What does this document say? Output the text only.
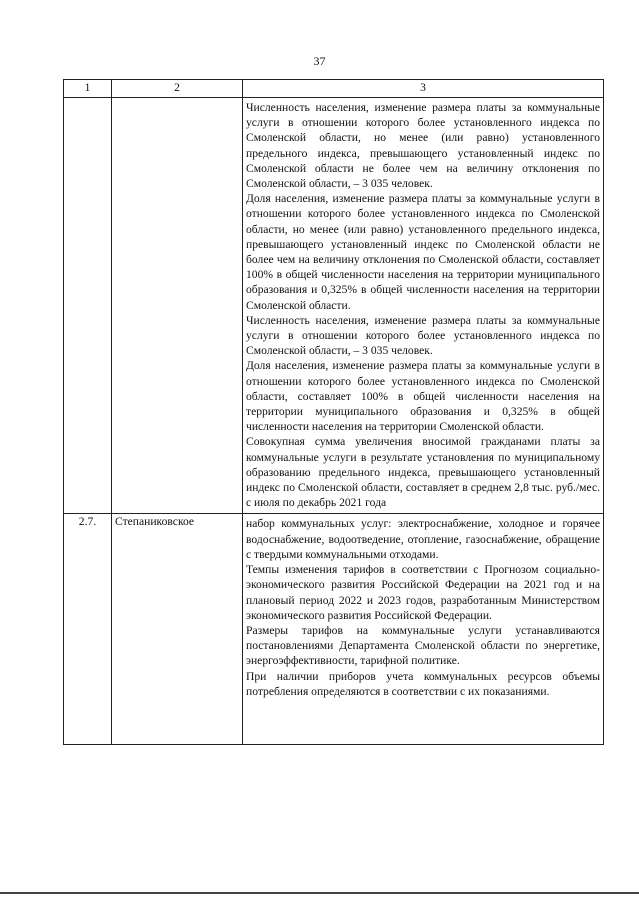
37
1	2	3

		Численность населения, изменение размера платы за коммунальные услуги в отношении которого более установленного индекса по Смоленской области, но менее (или равно) установленного предельного индекса, превышающего установленный индекс по Смоленской области не более чем на величину отклонения по Смоленской области, – 3 035 человек.

Доля населения, изменение размера платы за коммунальные услуги в отношении которого более установленного индекса по Смоленской области, но менее (или равно) установленного предельного индекса, превышающего установленный индекс по Смоленской области не более чем на величину отклонения по Смоленской области, составляет 100% в общей численности населения на территории муниципального образования и 0,325% в общей численности населения на территории Смоленской области.

Численность населения, изменение размера платы за коммунальные услуги в отношении которого более установленного индекса по Смоленской области, – 3 035 человек.

Доля населения, изменение размера платы за коммунальные услуги в отношении которого более установленного индекса по Смоленской области, составляет 100% в общей численности населения на территории муниципального образования и 0,325% в общей численности населения на территории Смоленской области.

Совокупная сумма увеличения вносимой гражданами платы за коммунальные услуги в результате установления по муниципальному образованию предельного индекса, превышающего установленный индекс по Смоленской области, составляет в среднем 2,8 тыс. руб./мес. с июля по декабрь 2021 года

2.7.	Степаниковское	набор коммунальных услуг: электроснабжение, холодное и горячее водоснабжение, водоотведение, отопление, газоснабжение, обращение с твердыми коммунальными отходами.

Темпы изменения тарифов в соответствии с Прогнозом социально-экономического развития Российской Федерации на 2021 год и на плановый период 2022 и 2023 годов, разработанным Министерством экономического развития Российской Федерации.

Размеры тарифов на коммунальные услуги устанавливаются постановлениями Департамента Смоленской области по энергетике, энергоэффективности, тарифной политике.

При наличии приборов учета коммунальных ресурсов объемы потребления определяются в соответствии с их показаниями.
